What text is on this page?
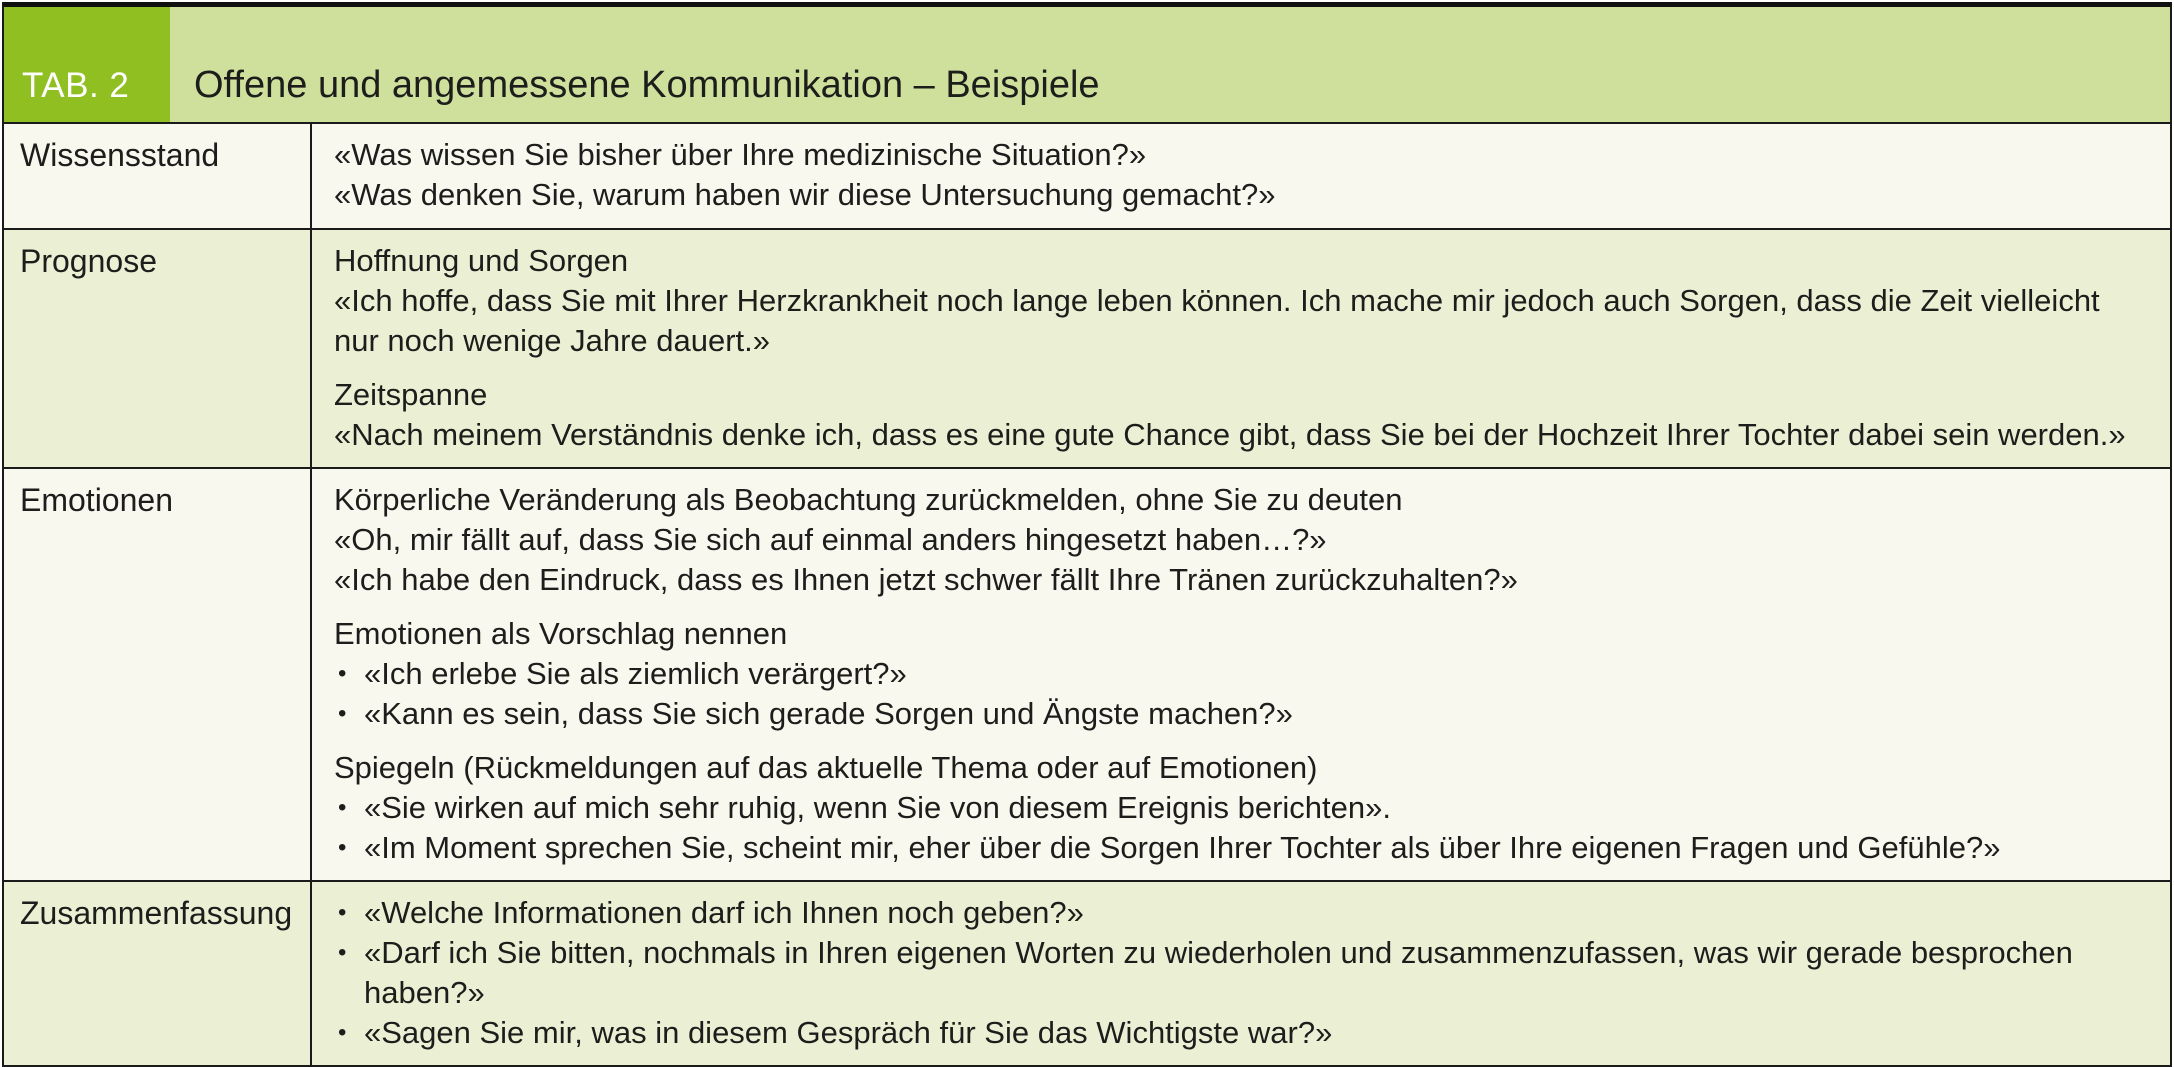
TAB. 2	Offene und angemessene Kommunikation – Beispiele
Wissensstand	«Was wissen Sie bisher über Ihre medizinische Situation?»
«Was denken Sie, warum haben wir diese Untersuchung gemacht?»
Prognose	Hoffnung und Sorgen
«Ich hoffe, dass Sie mit Ihrer Herzkrankheit noch lange leben können. Ich mache mir jedoch auch Sorgen, dass die Zeit vielleicht nur noch wenige Jahre dauert.»
Zeitspanne
«Nach meinem Verständnis denke ich, dass es eine gute Chance gibt, dass Sie bei der Hochzeit Ihrer Tochter dabei sein werden.»
Emotionen	Körperliche Veränderung als Beobachtung zurückmelden, ohne Sie zu deuten
«Oh, mir fällt auf, dass Sie sich auf einmal anders hingesetzt haben…?»
«Ich habe den Eindruck, dass es Ihnen jetzt schwer fällt Ihre Tränen zurückzuhalten?»
Emotionen als Vorschlag nennen
• «Ich erlebe Sie als ziemlich verärgert?»
• «Kann es sein, dass Sie sich gerade Sorgen und Ängste machen?»
Spiegeln (Rückmeldungen auf das aktuelle Thema oder auf Emotionen)
• «Sie wirken auf mich sehr ruhig, wenn Sie von diesem Ereignis berichten».
• «Im Moment sprechen Sie, scheint mir, eher über die Sorgen Ihrer Tochter als über Ihre eigenen Fragen und Gefühle?»
Zusammenfassung	• «Welche Informationen darf ich Ihnen noch geben?»
• «Darf ich Sie bitten, nochmals in Ihren eigenen Worten zu wiederholen und zusammenzufassen, was wir gerade besprochen haben?»
• «Sagen Sie mir, was in diesem Gespräch für Sie das Wichtigste war?»
